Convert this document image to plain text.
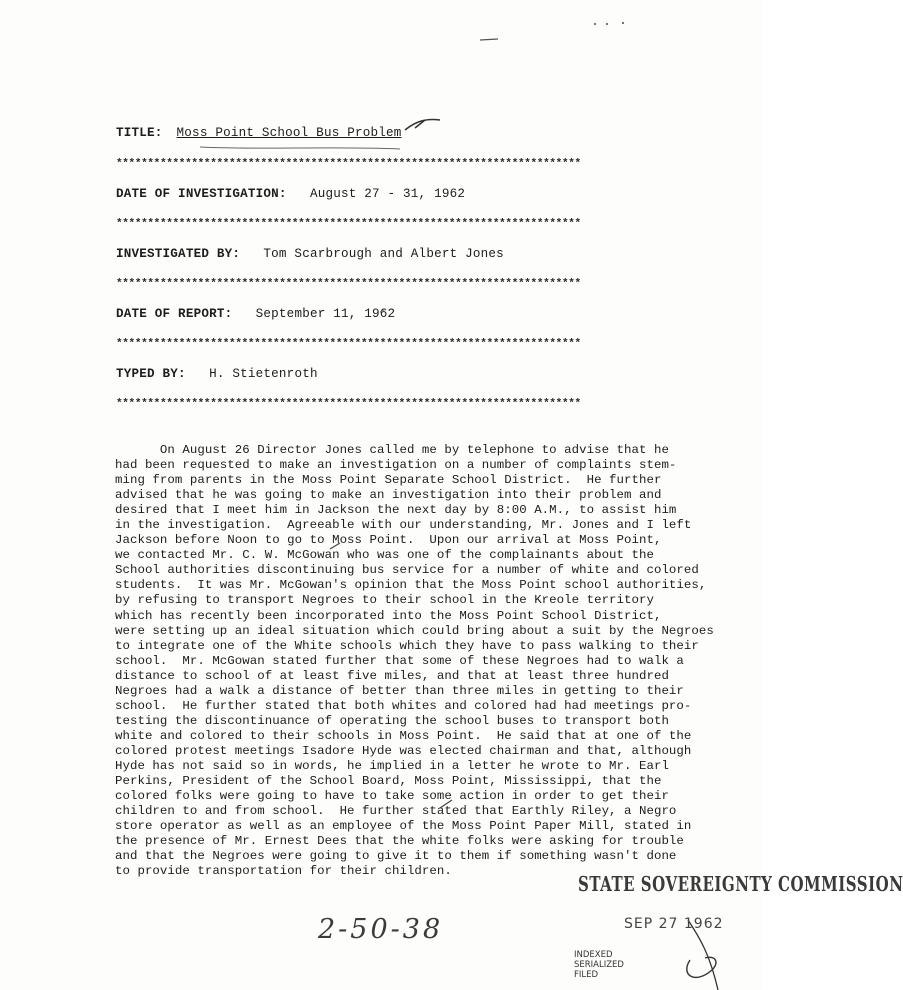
TITLE: Moss Point School Bus Problem
**************************************************************************
DATE OF INVESTIGATION: August 27 - 31, 1962
**************************************************************************
INVESTIGATED BY: Tom Scarbrough and Albert Jones
**************************************************************************
DATE OF REPORT: September 11, 1962
**************************************************************************
TYPED BY: H. Stietenroth
**************************************************************************
On August 26 Director Jones called me by telephone to advise that he
had been requested to make an investigation on a number of complaints stem-
ming from parents in the Moss Point Separate School District.  He further
advised that he was going to make an investigation into their problem and
desired that I meet him in Jackson the next day by 8:00 A.M., to assist him
in the investigation.  Agreeable with our understanding, Mr. Jones and I left
Jackson before Noon to go to Moss Point.  Upon our arrival at Moss Point,
we contacted Mr. C. W. McGowan who was one of the complainants about the
School authorities discontinuing bus service for a number of white and colored
students.  It was Mr. McGowan's opinion that the Moss Point school authorities,
by refusing to transport Negroes to their school in the Kreole territory
which has recently been incorporated into the Moss Point School District,
were setting up an ideal situation which could bring about a suit by the Negroes
to integrate one of the White schools which they have to pass walking to their
school.  Mr. McGowan stated further that some of these Negroes had to walk a
distance to school of at least five miles, and that at least three hundred
Negroes had a walk a distance of better than three miles in getting to their
school.  He further stated that both whites and colored had had meetings pro-
testing the discontinuance of operating the school buses to transport both
white and colored to their schools in Moss Point.  He said that at one of the
colored protest meetings Isadore Hyde was elected chairman and that, although
Hyde has not said so in words, he implied in a letter he wrote to Mr. Earl
Perkins, President of the School Board, Moss Point, Mississippi, that the
colored folks were going to have to take some action in order to get their
children to and from school.  He further stated that Earthly Riley, a Negro
store operator as well as an employee of the Moss Point Paper Mill, stated in
the presence of Mr. Ernest Dees that the white folks were asking for trouble
and that the Negroes were going to give it to them if something wasn't done
to provide transportation for their children.
STATE SOVEREIGNTY COMMISSION
SEP 27 1962
INDEXED
SERIALIZED
FILED
2-50-38
